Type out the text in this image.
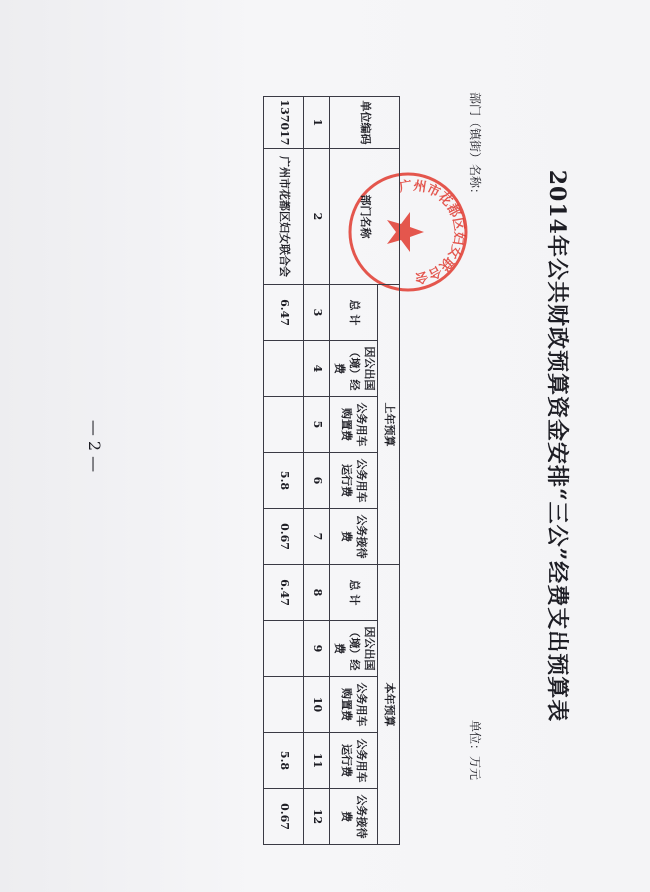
2014年公共财政预算资金安排“三公”经费支出预算表
部门（镇街）名称：
单位：万元
广州市花都区妇女联合会
单位编码	部门名称	上年预算					本年预算				
		总 计	因公出国（境）经费	公务用车购置费	公务用车运行费	公务接待费	总 计	因公出国（境）经费	公务用车购置费	公务用车运行费	公务接待费
1	2	3	4	5	6	7	8	9	10	11	12
137017	广州市花都区妇女联合会	6.47			5.8	0.67	6.47			5.8	0.67
— 2 —
